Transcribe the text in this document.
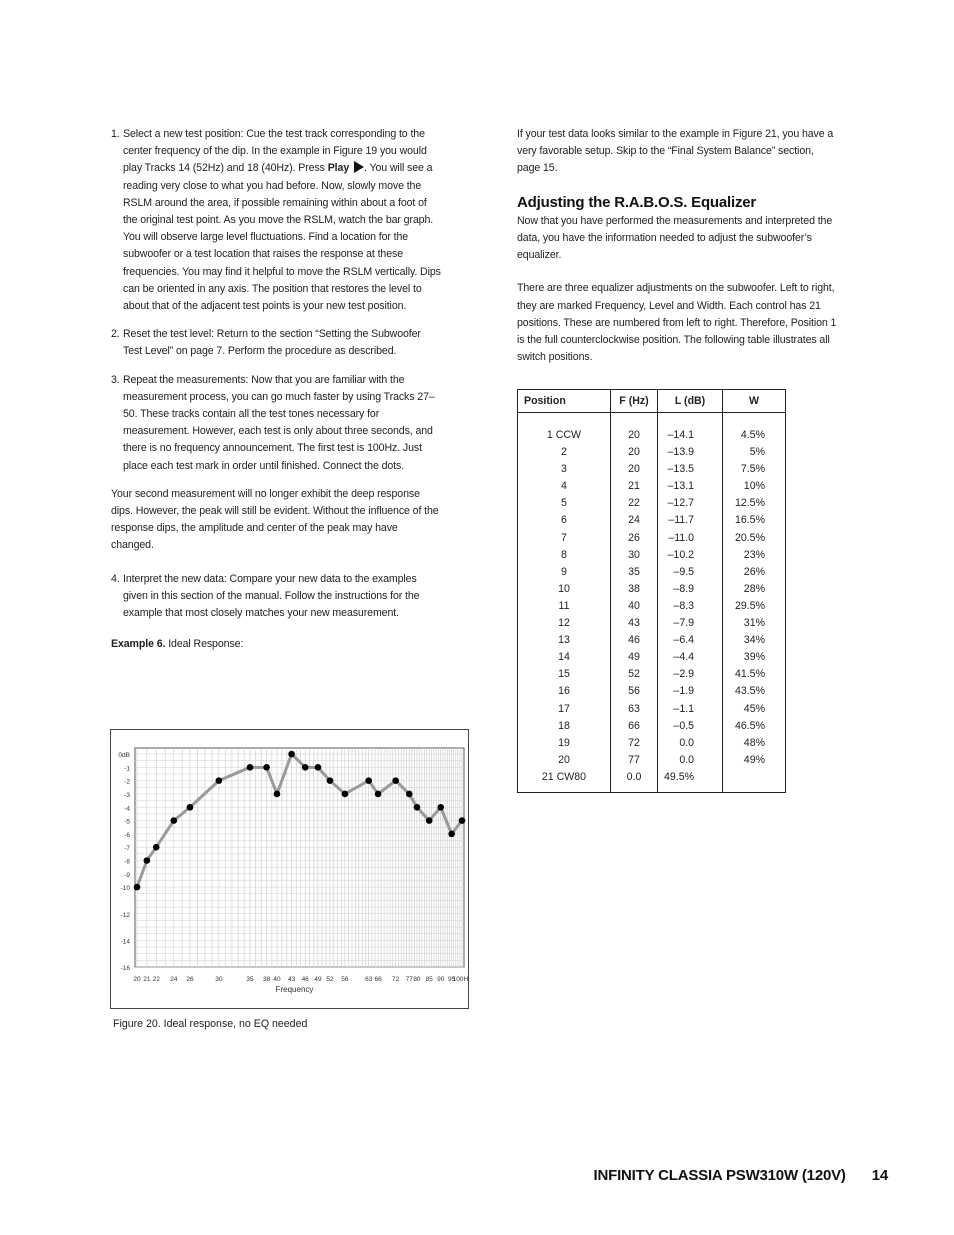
1. Select a new test position: Cue the test track corresponding to the center frequency of the dip. In the example in Figure 19 you would play Tracks 14 (52Hz) and 18 (40Hz). Press Play . You will see a reading very close to what you had before. Now, slowly move the RSLM around the area, if possible remaining within about a foot of the original test point. As you move the RSLM, watch the bar graph. You will observe large level fluctuations. Find a location for the subwoofer or a test location that raises the response at these frequencies. You may find it helpful to move the RSLM vertically. Dips can be oriented in any axis. The position that restores the level to about that of the adjacent test points is your new test position.
2. Reset the test level: Return to the section “Setting the Subwoofer Test Level” on page 7. Perform the procedure as described.
3. Repeat the measurements: Now that you are familiar with the measurement process, you can go much faster by using Tracks 27–50. These tracks contain all the test tones necessary for measurement. However, each test is only about three seconds, and there is no frequency announcement. The first test is 100Hz. Just place each test mark in order until finished. Connect the dots.

Your second measurement will no longer exhibit the deep response dips. However, the peak will still be evident. Without the influence of the response dips, the amplitude and center of the peak may have changed.

4. Interpret the new data: Compare your new data to the examples given in this section of the manual. Follow the instructions for the example that most closely matches your new measurement.
Example 6. Ideal Response:
0dB
-1
-2
-3
-4
-5
-6
-7
-8
-9
-10
-12
-14
-16
20 21 22 24 26	30	35 38 40 43 46 49 52 56	63 66 72 77 80 85 90 95
100H
Frequency
Figure 20. Ideal response, no EQ needed

If your test data looks similar to the example in Figure 21, you have a very favorable setup. Skip to the “Final System Balance” section, page 15.

Adjusting the R.A.B.O.S. Equalizer

Now that you have performed the measurements and interpreted the data, you have the information needed to adjust the subwoofer’s equalizer.

There are three equalizer adjustments on the subwoofer. Left to right, they are marked Frequency, Level and Width. Each control has 21 positions. These are numbered from left to right. Therefore, Position 1 is the full counterclockwise position. The following table illustrates all switch positions.

Position	F (Hz)	L (dB)	W

1 CCW	20	–14.1	4.5%
2	20	–13.9	5%
3	20	–13.5	7.5%
4	21	–13.1	10%
5	22	–12.7	12.5%
6	24	–11.7	16.5%
7	26	–11.0	20.5%
8	30	–10.2	23%
9	35	–9.5	26%
10	38	–8.9	28%
11	40	–8.3	29.5%
12	43	–7.9	31%
13	46	–6.4	34%
14	49	–4.4	39%
15	52	–2.9	41.5%
16	56	–1.9	43.5%
17	63	–1.1	45%
18	66	–0.5	46.5%
19	72	0.0	48%
20	77	0.0	49%
21 CW80	0.0	49.5%	
INFINITY CLASSIA PSW310W (120V) 14
